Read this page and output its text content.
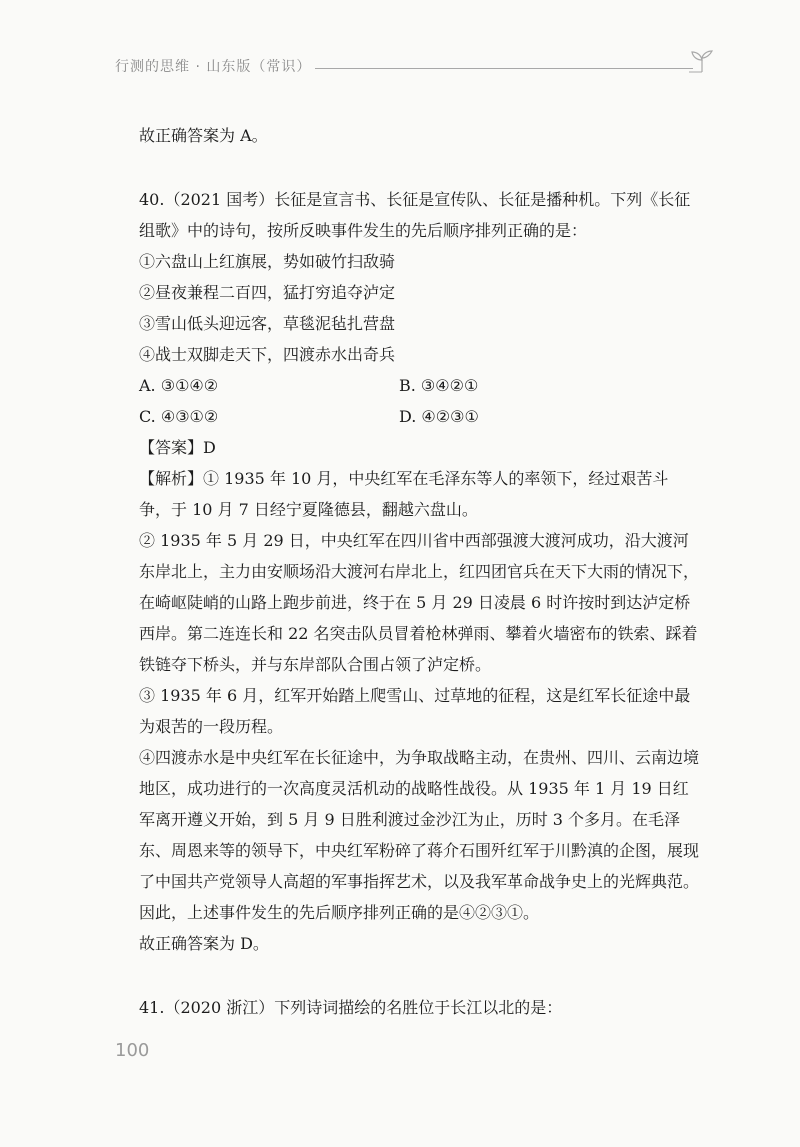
行测的思维 · 山东版（常识）

故正确答案为 A。

40.（2021 国考）长征是宣言书、长征是宣传队、长征是播种机。下列《长征组歌》中的诗句，按所反映事件发生的先后顺序排列正确的是：

①六盘山上红旗展，势如破竹扫敌骑

②昼夜兼程二百四，猛打穷追夺泸定

③雪山低头迎远客，草毯泥毡扎营盘

④战士双脚走天下，四渡赤水出奇兵

A. ③①④②	B. ③④②①
C. ④③①②	D. ④②③①

【答案】D

【解析】① 1935 年 10 月，中央红军在毛泽东等人的率领下，经过艰苦斗争，于 10 月 7 日经宁夏隆德县，翻越六盘山。

② 1935 年 5 月 29 日，中央红军在四川省中西部强渡大渡河成功，沿大渡河东岸北上，主力由安顺场沿大渡河右岸北上，红四团官兵在天下大雨的情况下，在崎岖陡峭的山路上跑步前进，终于在 5 月 29 日凌晨 6 时许按时到达泸定桥西岸。第二连连长和 22 名突击队员冒着枪林弹雨、攀着火墙密布的铁索、踩着铁链夺下桥头，并与东岸部队合围占领了泸定桥。

③ 1935 年 6 月，红军开始踏上爬雪山、过草地的征程，这是红军长征途中最为艰苦的一段历程。

④四渡赤水是中央红军在长征途中，为争取战略主动，在贵州、四川、云南边境地区，成功进行的一次高度灵活机动的战略性战役。从 1935 年 1 月 19 日红军离开遵义开始，到 5 月 9 日胜利渡过金沙江为止，历时 3 个多月。在毛泽东、周恩来等的领导下，中央红军粉碎了蒋介石围歼红军于川黔滇的企图，展现了中国共产党领导人高超的军事指挥艺术，以及我军革命战争史上的光辉典范。

因此，上述事件发生的先后顺序排列正确的是④②③①。

故正确答案为 D。

41.（2020 浙江）下列诗词描绘的名胜位于长江以北的是：

100
